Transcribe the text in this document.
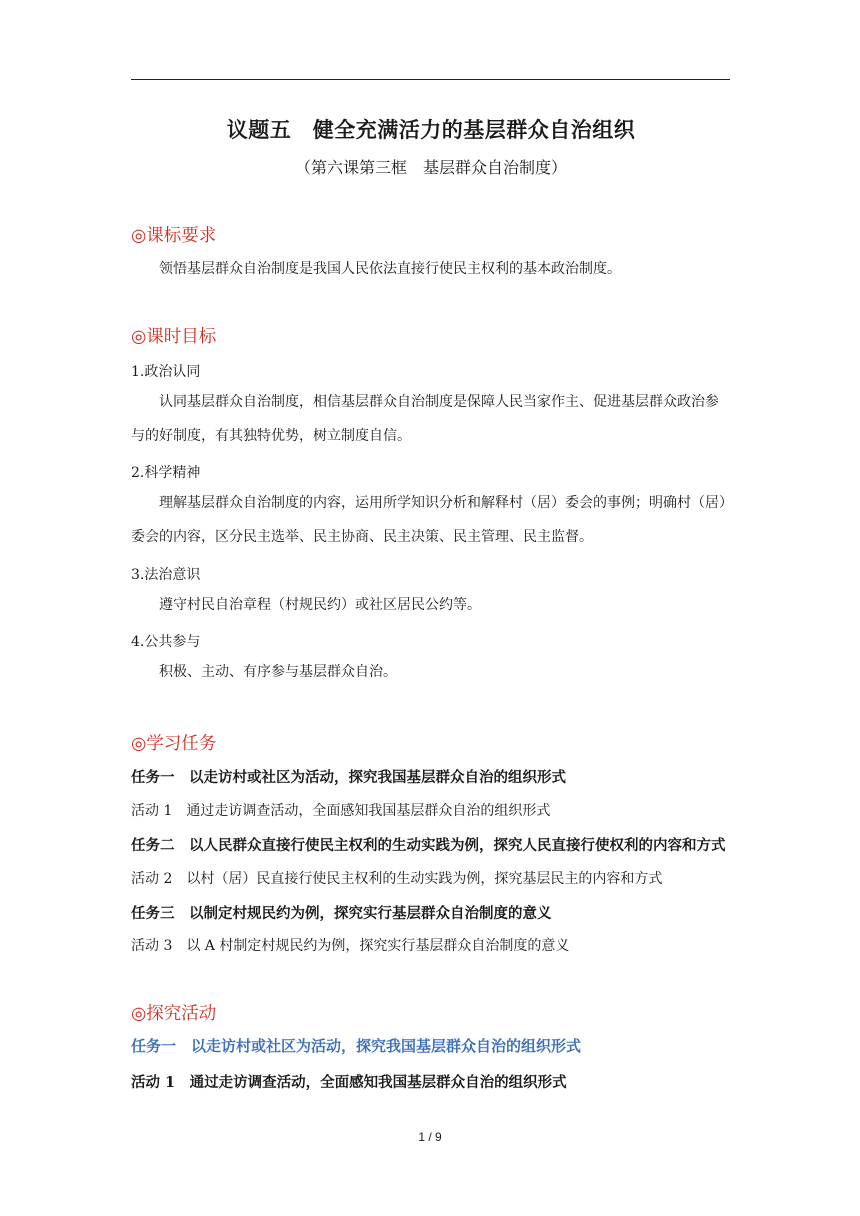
议题五　健全充满活力的基层群众自治组织
（第六课第三框　基层群众自治制度）
◎课标要求
领悟基层群众自治制度是我国人民依法直接行使民主权利的基本政治制度。
◎课时目标
1.政治认同
认同基层群众自治制度，相信基层群众自治制度是保障人民当家作主、促进基层群众政治参与的好制度，有其独特优势，树立制度自信。
2.科学精神
理解基层群众自治制度的内容，运用所学知识分析和解释村（居）委会的事例；明确村（居）委会的内容，区分民主选举、民主协商、民主决策、民主管理、民主监督。
3.法治意识
遵守村民自治章程（村规民约）或社区居民公约等。
4.公共参与
积极、主动、有序参与基层群众自治。
◎学习任务
任务一　以走访村或社区为活动，探究我国基层群众自治的组织形式
活动 1　通过走访调查活动，全面感知我国基层群众自治的组织形式
任务二　以人民群众直接行使民主权利的生动实践为例，探究人民直接行使权利的内容和方式
活动 2　以村（居）民直接行使民主权利的生动实践为例，探究基层民主的内容和方式
任务三　以制定村规民约为例，探究实行基层群众自治制度的意义
活动 3　以 A 村制定村规民约为例，探究实行基层群众自治制度的意义
◎探究活动
任务一　以走访村或社区为活动，探究我国基层群众自治的组织形式
活动 1　通过走访调查活动，全面感知我国基层群众自治的组织形式
1 / 9
